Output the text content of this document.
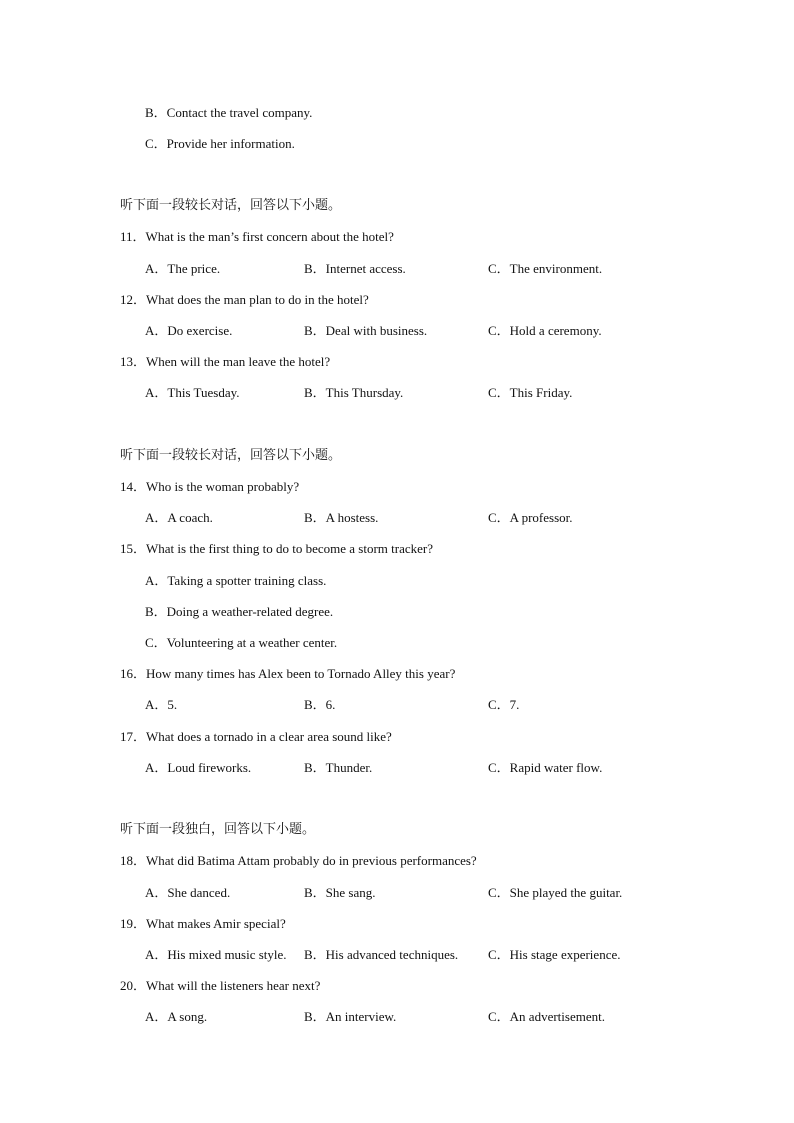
B．Contact the travel company.
C．Provide her information.
听下面一段较长对话，回答以下小题。
11．What is the man’s first concern about the hotel?
A．The price.	B．Internet access.	C．The environment.
12．What does the man plan to do in the hotel?
A．Do exercise.	B．Deal with business.	C．Hold a ceremony.
13．When will the man leave the hotel?
A．This Tuesday.	B．This Thursday.	C．This Friday.
听下面一段较长对话，回答以下小题。
14．Who is the woman probably?
A．A coach.	B．A hostess.	C．A professor.
15．What is the first thing to do to become a storm tracker?
A．Taking a spotter training class.
B．Doing a weather-related degree.
C．Volunteering at a weather center.
16．How many times has Alex been to Tornado Alley this year?
A．5.	B．6.	C．7.
17．What does a tornado in a clear area sound like?
A．Loud fireworks.	B．Thunder.	C．Rapid water flow.
听下面一段独白，回答以下小题。
18．What did Batima Attam probably do in previous performances?
A．She danced.	B．She sang.	C．She played the guitar.
19．What makes Amir special?
A．His mixed music style. B．His advanced techniques. C．His stage experience.
20．What will the listeners hear next?
A．A song.	B．An interview.	C．An advertisement.
